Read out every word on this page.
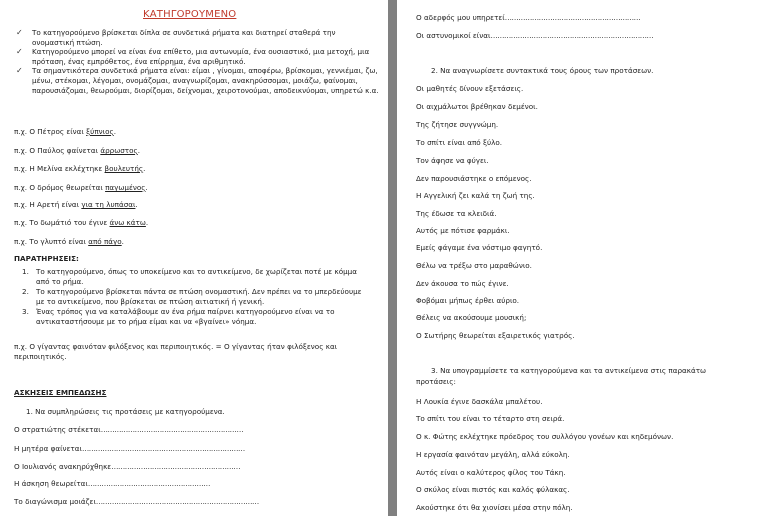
ΚΑΤΗΓΟΡΟΥΜΕΝΟ
✓ Το κατηγορούμενο βρίσκεται δίπλα σε συνδετικά ρήματα και διατηρεί σταθερά την ονομαστική πτώση.
✓ Κατηγορούμενο μπορεί να είναι ένα επίθετο, μια αντωνυμία, ένα ουσιαστικό, μια μετοχή, μια πρόταση, ένας εμπρόθετος, ένα επίρρημα, ένα αριθμητικό.
✓ Τα σημαντικότερα συνδετικά ρήματα είναι: είμαι , γίνομαι, αποφέρω, βρίσκομαι, γεννιέμαι, ζω, μένω, στέκομαι, λέγομαι, ονομάζομαι, αναγνωρίζομαι, ανακηρύσσομαι, μοιάζω, φαίνομαι, παρουσιάζομαι, θεωρούμαι, διορίζομαι, δείχνομαι, χειροτονούμαι, αποδεικνύομαι, υπηρετώ κ.α.
π.χ. Ο Πέτρος είναι ξύπνιος.
π.χ. Ο Παύλος φαίνεται άρρωστος.
π.χ. Η Μελίνα εκλέχτηκε βουλευτής.
π.χ. Ο δρόμος θεωρείται παγωμένος.
π.χ. Η Αρετή είναι για τη λυπάσαι.
π.χ. Το δωμάτιό του έγινε άνω κάτω.
π.χ. Το γλυπτό είναι από πάγο.
ΠΑΡΑΤΗΡΗΣΕΙΣ:
1. Το κατηγορούμενο, όπως το υποκείμενο και το αντικείμενο, δε χωρίζεται ποτέ με κόμμα από το ρήμα.
2. Το κατηγορούμενο βρίσκεται πάντα σε πτώση ονομαστική. Δεν πρέπει να το μπερδεύουμε με το αντικείμενο, που βρίσκεται σε πτώση αιτιατική ή γενική.
3. Ένας τρόπος για να καταλάβουμε αν ένα ρήμα παίρνει κατηγορούμενο είναι να το αντικαταστήσουμε με το ρήμα είμαι και να «βγαίνει» νόημα.
π.χ. Ο γίγαντας φαινόταν φιλόξενος και περιποιητικός. = Ο γίγαντας ήταν φιλόξενος και περιποιητικός.
ΑΣΚΗΣΕΙΣ ΕΜΠΕΔΩΣΗΣ
1. Να συμπληρώσεις τις προτάσεις με κατηγορούμενα.
Ο στρατιώτης στέκεται………………………………………………………
Η μητέρα φαίνεται………………………………………………………………
Ο Ιουλιανός ανακηρύχθηκε…………………………………………………
Η άσκηση θεωρείται………………………………………………
Το διαγώνισμα μοιάζει………………………………………………………………
Ο αδερφός μου υπηρετεί……………………………………………………
Οι αστυνομικοί είναι………………………………………………………………
2. Να αναγνωρίσετε συντακτικά τους όρους των προτάσεων.
Οι μαθητές δίνουν εξετάσεις.
Οι αιχμάλωτοι βρέθηκαν δεμένοι.
Της ζήτησε συγγνώμη.
Το σπίτι είναι από ξύλο.
Τον άφησε να φύγει.
Δεν παρουσιάστηκε ο επόμενος.
Η Αγγελική ζει καλά τη ζωή της.
Της έδωσε τα κλειδιά.
Αυτός με πότισε φαρμάκι.
Εμείς φάγαμε ένα νόστιμο φαγητό.
Θέλω να τρέξω στο μαραθώνιο.
Δεν άκουσα το πώς έγινε.
Φοβόμαι μήπως έρθει αύριο.
Θέλεις να ακούσουμε μουσική;
Ο Σωτήρης θεωρείται εξαιρετικός γιατρός.
3. Να υπογραμμίσετε τα κατηγορούμενα και τα αντικείμενα στις παρακάτω
προτάσεις:
Η Λουκία έγινε δασκάλα μπαλέτου.
Το σπίτι του είναι το τέταρτο στη σειρά.
Ο κ. Φώτης εκλέχτηκε πρόεδρος του συλλόγου γονέων και κηδεμόνων.
Η εργασία φαινόταν μεγάλη, αλλά εύκολη.
Αυτός είναι ο καλύτερος φίλος του Τάκη.
Ο σκύλος είναι πιστός και καλός φύλακας.
Ακούστηκε ότι θα χιονίσει μέσα στην πόλη.
